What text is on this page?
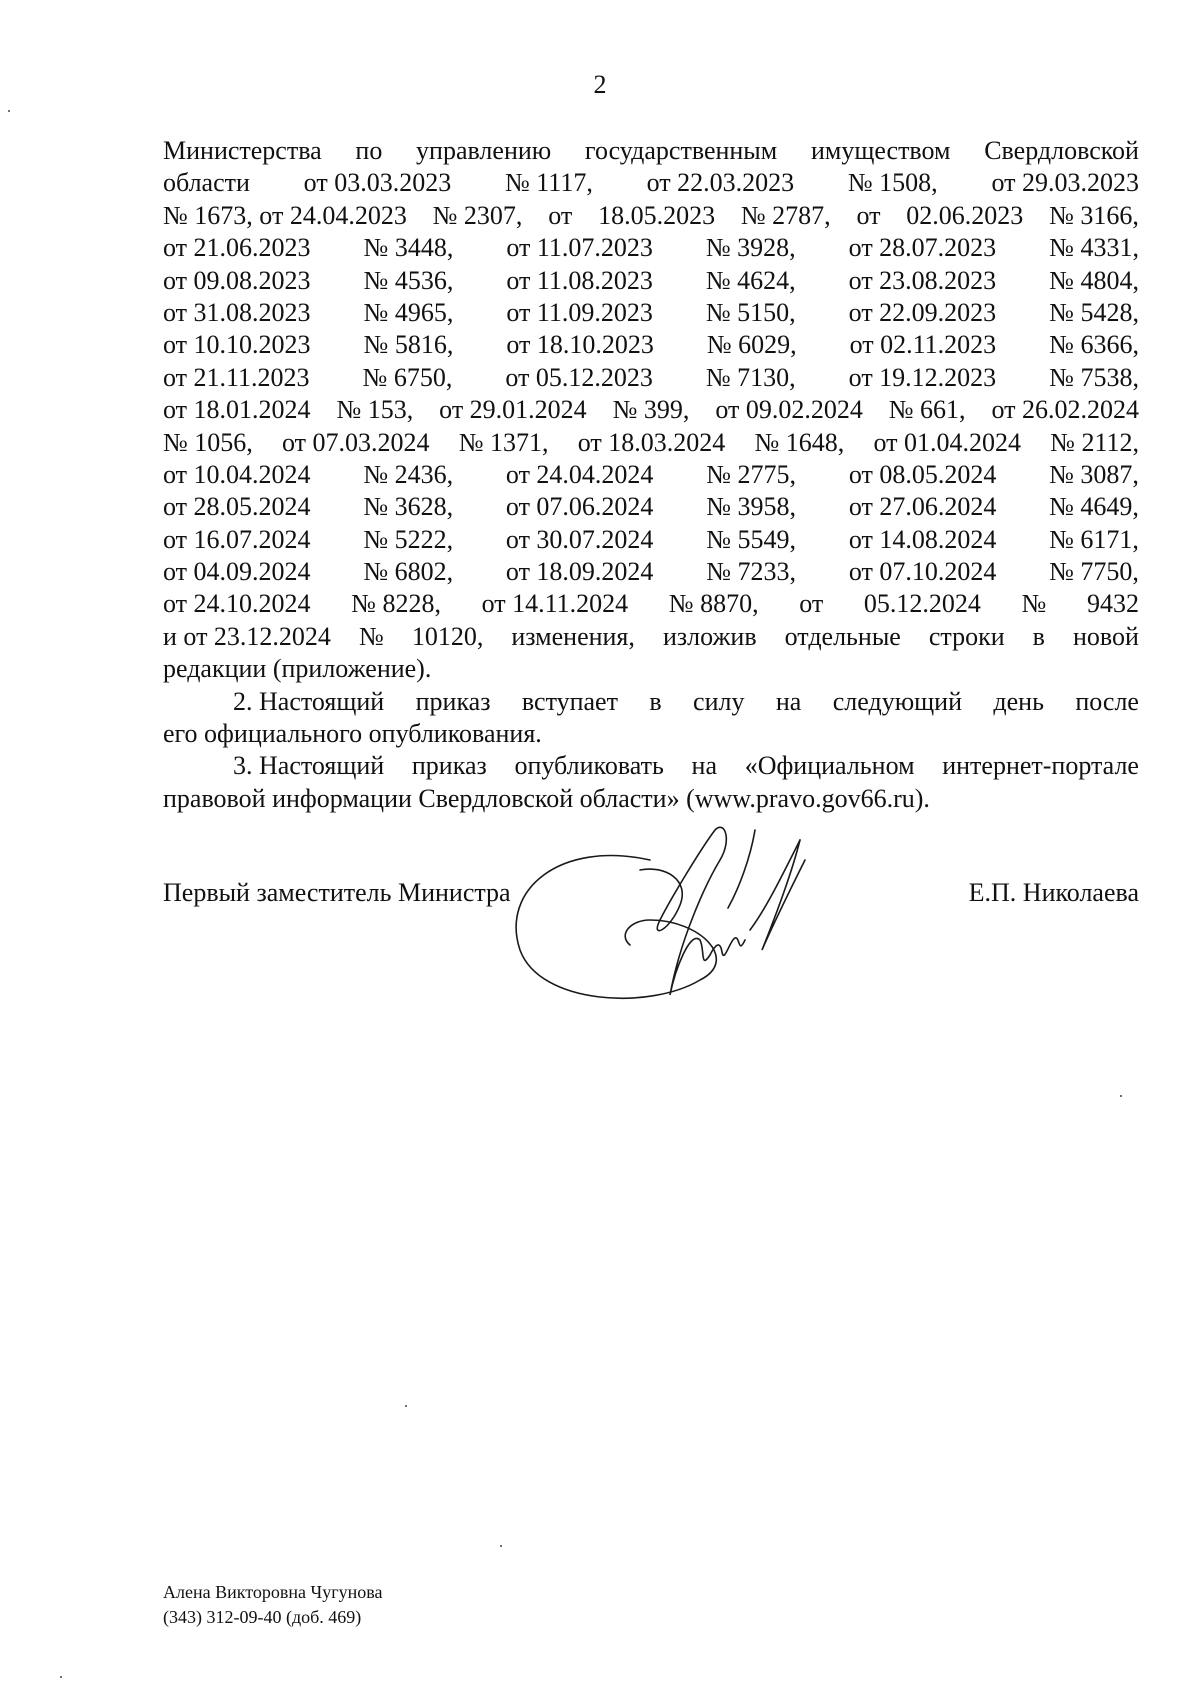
2
Министерства по управлению государственным имуществом Свердловской
области от 03.03.2023 № 1117, от 22.03.2023 № 1508, от 29.03.2023
№ 1673, от 24.04.2023 № 2307, от 18.05.2023 № 2787, от 02.06.2023 № 3166,
от 21.06.2023 № 3448, от 11.07.2023 № 3928, от 28.07.2023 № 4331,
от 09.08.2023 № 4536, от 11.08.2023 № 4624, от 23.08.2023 № 4804,
от 31.08.2023 № 4965, от 11.09.2023 № 5150, от 22.09.2023 № 5428,
от 10.10.2023 № 5816, от 18.10.2023 № 6029, от 02.11.2023 № 6366,
от 21.11.2023 № 6750, от 05.12.2023 № 7130, от 19.12.2023 № 7538,
от 18.01.2024 № 153, от 29.01.2024 № 399, от 09.02.2024 № 661, от 26.02.2024
№ 1056, от 07.03.2024 № 1371, от 18.03.2024 № 1648, от 01.04.2024 № 2112,
от 10.04.2024 № 2436, от 24.04.2024 № 2775, от 08.05.2024 № 3087,
от 28.05.2024 № 3628, от 07.06.2024 № 3958, от 27.06.2024 № 4649,
от 16.07.2024 № 5222, от 30.07.2024 № 5549, от 14.08.2024 № 6171,
от 04.09.2024 № 6802, от 18.09.2024 № 7233, от 07.10.2024 № 7750,
от 24.10.2024 № 8228, от 14.11.2024 № 8870, от 05.12.2024 № 9432
и от 23.12.2024 № 10120, изменения, изложив отдельные строки в новой
редакции (приложение).
2. Настоящий приказ вступает в силу на следующий день после
его официального опубликования.
3. Настоящий приказ опубликовать на «Официальном интернет-портале
правовой информации Свердловской области» (www.pravo.gov66.ru).
Первый заместитель Министра	Е.П. Николаева
Алена Викторовна Чугунова
(343) 312-09-40 (доб. 469)
